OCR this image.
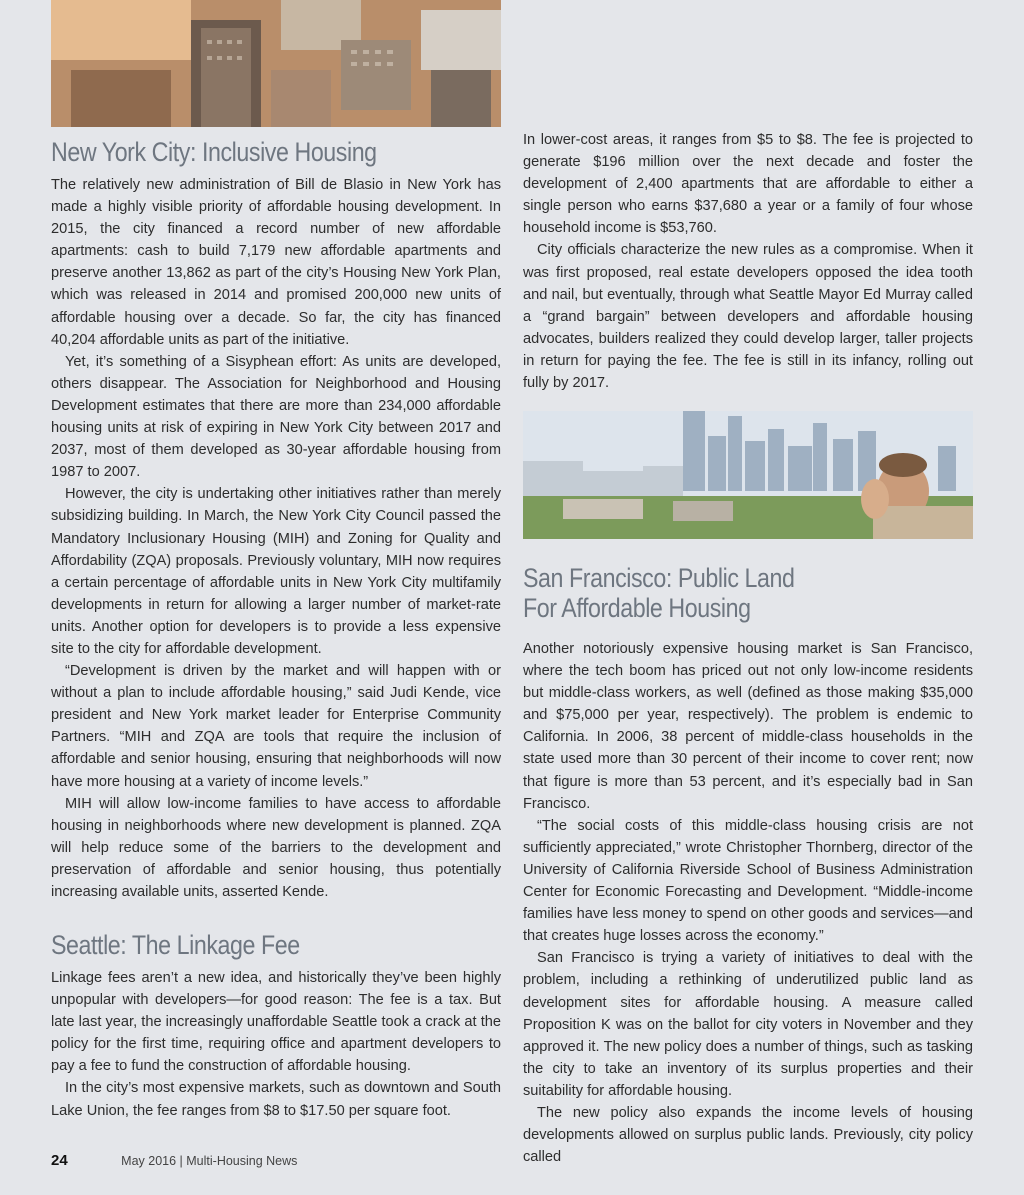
New York City: Inclusive Housing

The relatively new administration of Bill de Blasio in New York has made a highly visible priority of affordable housing development. In 2015, the city financed a record number of new affordable apartments: cash to build 7,179 new affordable apartments and preserve another 13,862 as part of the city’s Housing New York Plan, which was released in 2014 and promised 200,000 new units of affordable housing over a decade. So far, the city has financed 40,204 affordable units as part of the initiative.

Yet, it’s something of a Sisyphean effort: As units are developed, others disappear. The Association for Neighborhood and Housing Development estimates that there are more than 234,000 affordable housing units at risk of expiring in New York City between 2017 and 2037, most of them developed as 30-year affordable housing from 1987 to 2007.

However, the city is undertaking other initiatives rather than merely subsidizing building. In March, the New York City Council passed the Mandatory Inclusionary Housing (MIH) and Zoning for Quality and Affordability (ZQA) proposals. Previously voluntary, MIH now requires a certain percentage of affordable units in New York City multifamily developments in return for allowing a larger number of market-rate units. Another option for developers is to provide a less expensive site to the city for affordable development.

“Development is driven by the market and will happen with or without a plan to include affordable housing,” said Judi Kende, vice president and New York market leader for Enterprise Community Partners. “MIH and ZQA are tools that require the inclusion of affordable and senior housing, ensuring that neighborhoods will now have more housing at a variety of income levels.”

MIH will allow low-income families to have access to affordable housing in neighborhoods where new development is planned. ZQA will help reduce some of the barriers to the development and preservation of affordable and senior housing, thus potentially increasing available units, asserted Kende.

Seattle: The Linkage Fee

Linkage fees aren’t a new idea, and historically they’ve been highly unpopular with developers—for good reason: The fee is a tax. But late last year, the increasingly unaffordable Seattle took a crack at the policy for the first time, requiring office and apartment developers to pay a fee to fund the construction of affordable housing.

In the city’s most expensive markets, such as downtown and South Lake Union, the fee ranges from $8 to $17.50 per square foot.

In lower-cost areas, it ranges from $5 to $8. The fee is projected to generate $196 million over the next decade and foster the development of 2,400 apartments that are affordable to either a single person who earns $37,680 a year or a family of four whose household income is $53,760.

City officials characterize the new rules as a compromise. When it was first proposed, real estate developers opposed the idea tooth and nail, but eventually, through what Seattle Mayor Ed Murray called a “grand bargain” between developers and affordable housing advocates, builders realized they could develop larger, taller projects in return for paying the fee. The fee is still in its infancy, rolling out fully by 2017.

San Francisco: Public Land
For Affordable Housing

Another notoriously expensive housing market is San Francisco, where the tech boom has priced out not only low-income residents but middle-class workers, as well (defined as those making $35,000 and $75,000 per year, respectively). The problem is endemic to California. In 2006, 38 percent of middle-class households in the state used more than 30 percent of their income to cover rent; now that figure is more than 53 percent, and it’s especially bad in San Francisco.

“The social costs of this middle-class housing crisis are not sufficiently appreciated,” wrote Christopher Thornberg, director of the University of California Riverside School of Business Administration Center for Economic Forecasting and Development. “Middle-income families have less money to spend on other goods and services—and that creates huge losses across the economy.”

San Francisco is trying a variety of initiatives to deal with the problem, including a rethinking of underutilized public land as development sites for affordable housing. A measure called Proposition K was on the ballot for city voters in November and they approved it. The new policy does a number of things, such as tasking the city to take an inventory of its surplus properties and their suitability for affordable housing.

The new policy also expands the income levels of housing developments allowed on surplus public lands. Previously, city policy called

24	May 2016 | Multi-Housing News
